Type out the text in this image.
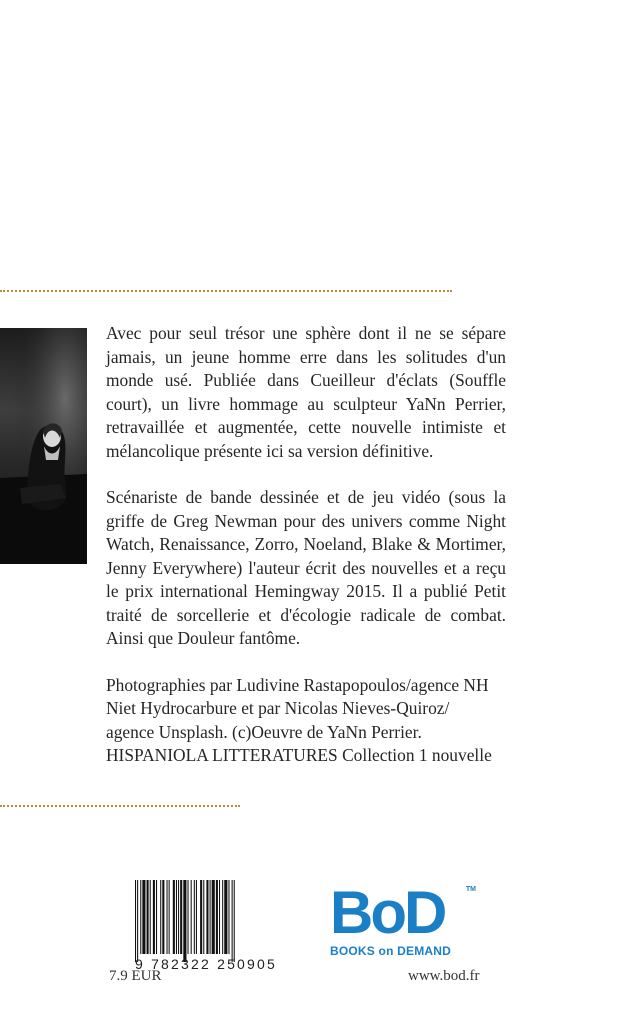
Avec pour seul trésor une sphère dont il ne se sépare jamais, un jeune homme erre dans les solitudes d'un monde usé. Publiée dans Cueilleur d'éclats (Souffle court), un livre hommage au sculpteur YaNn Perrier, retravaillée et augmentée, cette nouvelle intimiste et mélancolique présente ici sa version définitive.

Scénariste de bande dessinée et de jeu vidéo (sous la griffe de Greg Newman pour des univers comme Night Watch, Renaissance, Zorro, Noeland, Blake & Mortimer, Jenny Everywhere) l'auteur écrit des nouvelles et a reçu le prix international Hemingway 2015. Il a publié Petit traité de sorcellerie et d'écologie radicale de combat. Ainsi que Douleur fantôme.

Photographies par Ludivine Rastapopoulos/agence NH Niet Hydrocarbure et par Nicolas Nieves-Quiroz/
agence Unsplash. (c)Oeuvre de YaNn Perrier.
HISPANIOLA LITTERATURES Collection 1 nouvelle

9 782322 250905
TM
BoD
BOOKS on DEMAND
7.9 EUR	www.bod.fr
